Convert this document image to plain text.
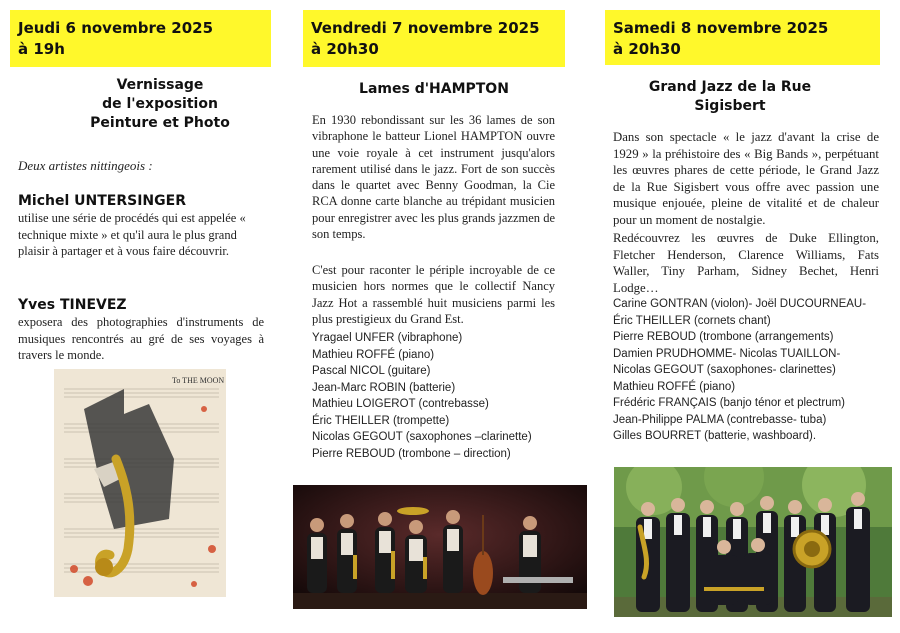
Jeudi 6 novembre 2025
à 19h
Vernissage
de l'exposition
Peinture et Photo
Deux artistes nittingeois :
Michel UNTERSINGER
utilise une série de procédés qui est appelée « technique mixte » et qu'il aura le plus grand plaisir à partager et à vous faire découvrir.
Yves TINEVEZ
exposera des photographies d'instruments de musiques rencontrés au gré de ses voyages à travers le monde.
To THE MOON
Vendredi 7 novembre 2025
à 20h30
Lames d'HAMPTON
En 1930 rebondissant sur les 36 lames de son vibraphone le batteur Lionel HAMPTON ouvre une voie royale à cet instrument jusqu'alors rarement utilisé dans le jazz. Fort de son succès dans le quartet avec Benny Goodman, la Cie RCA donne carte blanche au trépidant musicien pour enregistrer avec les plus grands jazzmen de son temps.
C'est pour raconter le périple incroyable de ce musicien hors normes que le collectif Nancy Jazz Hot a rassemblé huit musiciens parmi les plus prestigieux du Grand Est.
Yragael UNFER (vibraphone)
Mathieu ROFFÉ (piano)
Pascal NICOL (guitare)
Jean-Marc ROBIN (batterie)
Mathieu LOIGEROT (contrebasse)
Éric THEILLER (trompette)
Nicolas GEGOUT (saxophones –clarinette)
Pierre REBOUD (trombone – direction)
Samedi 8 novembre 2025
à 20h30
Grand Jazz de la Rue
Sigisbert
Dans son spectacle « le jazz d'avant la crise de 1929 » la préhistoire des « Big Bands », perpétuant les œuvres phares de cette période, le Grand Jazz de la Rue Sigisbert vous offre avec passion une musique enjouée, pleine de vitalité et de chaleur pour un moment de nostalgie.
Redécouvrez les œuvres de Duke Ellington, Fletcher Henderson, Clarence Williams, Fats Waller, Tiny Parham, Sidney Bechet, Henri Lodge…
Carine GONTRAN (violon)- Joël DUCOURNEAU-
Éric THEILLER (cornets chant)
Pierre REBOUD (trombone (arrangements)
Damien PRUDHOMME- Nicolas TUAILLON-
Nicolas GEGOUT (saxophones- clarinettes)
Mathieu ROFFÉ (piano)
Frédéric FRANÇAIS (banjo ténor et plectrum)
Jean-Philippe PALMA (contrebasse- tuba)
Gilles BOURRET (batterie, washboard).
